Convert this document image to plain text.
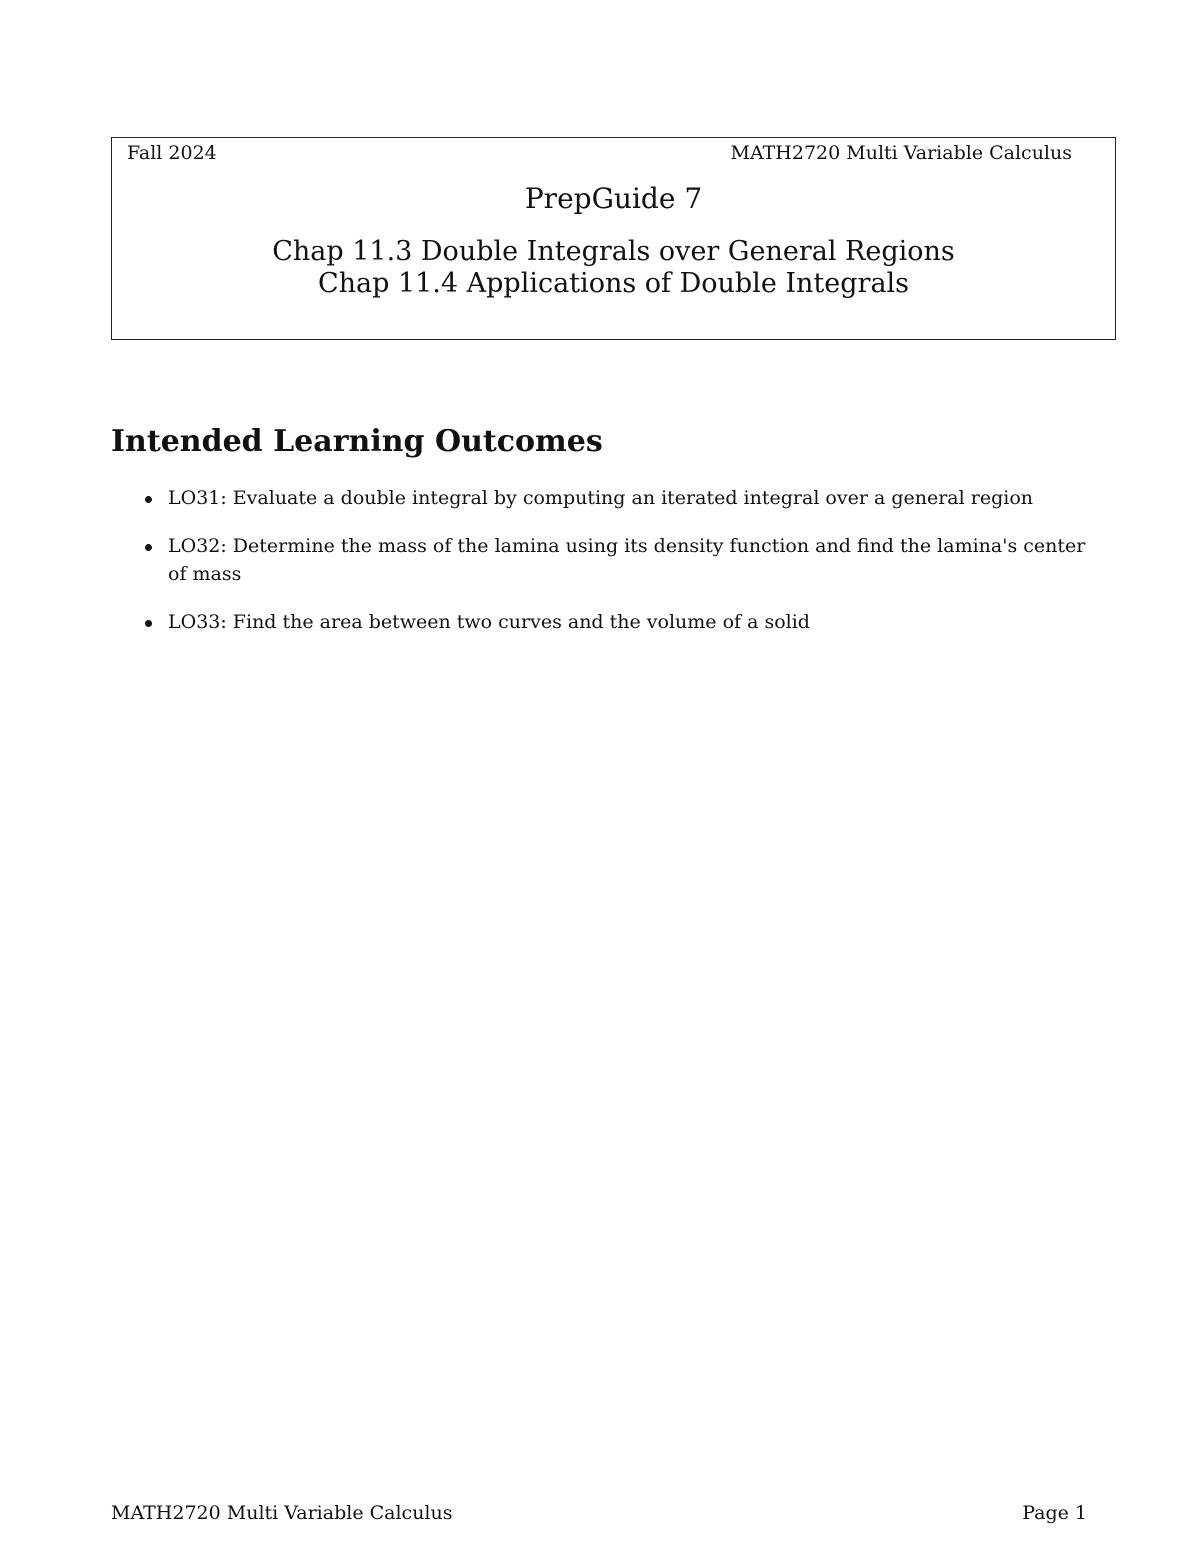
Fall 2024	MATH2720 Multi Variable Calculus
PrepGuide 7
Chap 11.3 Double Integrals over General Regions
Chap 11.4 Applications of Double Integrals
Intended Learning Outcomes
LO31: Evaluate a double integral by computing an iterated integral over a general region
LO32: Determine the mass of the lamina using its density function and find the lamina's center of mass
LO33: Find the area between two curves and the volume of a solid
MATH2720 Multi Variable Calculus	Page 1
